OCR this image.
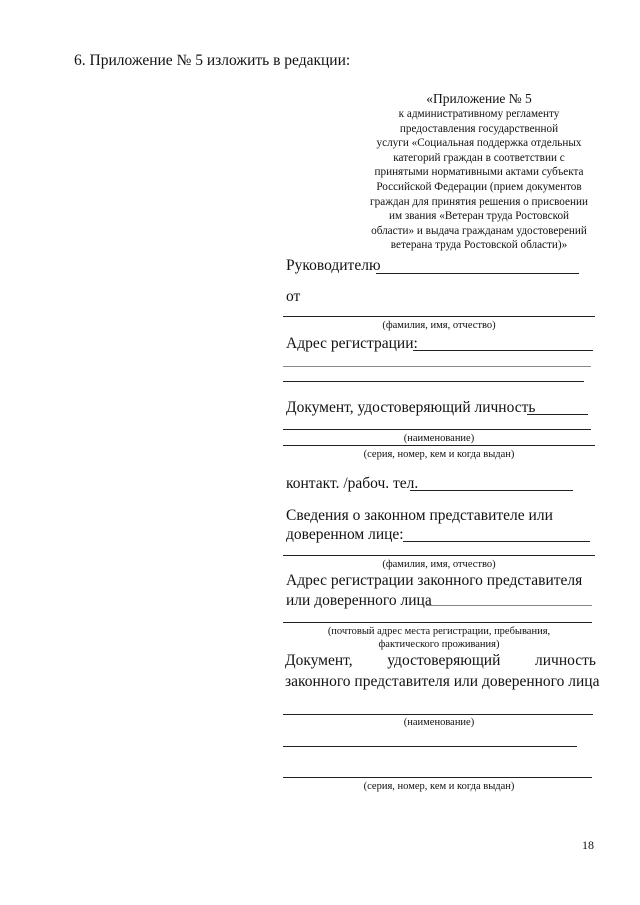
6. Приложение № 5 изложить в редакции:
«Приложение № 5
к административному регламенту
предоставления государственной
услуги «Социальная поддержка отдельных
категорий граждан в соответствии с
принятыми нормативными актами субъекта
Российской Федерации (прием документов
граждан для принятия решения о присвоении
им звания «Ветеран труда Ростовской
области» и выдача гражданам удостоверений
ветерана труда Ростовской области)»
Руководителю
от
(фамилия, имя, отчество)
Адрес регистрации:
Документ, удостоверяющий личность
(наименование)
(серия, номер, кем и когда выдан)
контакт. /рабоч. тел.
Сведения о законном представителе или
доверенном лице:
(фамилия, имя, отчество)
Адрес регистрации законного представителя
или доверенного лица
(почтовый адрес места регистрации, пребывания,
фактического проживания)
Документ, удостоверяющий личность
законного представителя или доверенного лица
(наименование)
(серия, номер, кем и когда выдан)
18
